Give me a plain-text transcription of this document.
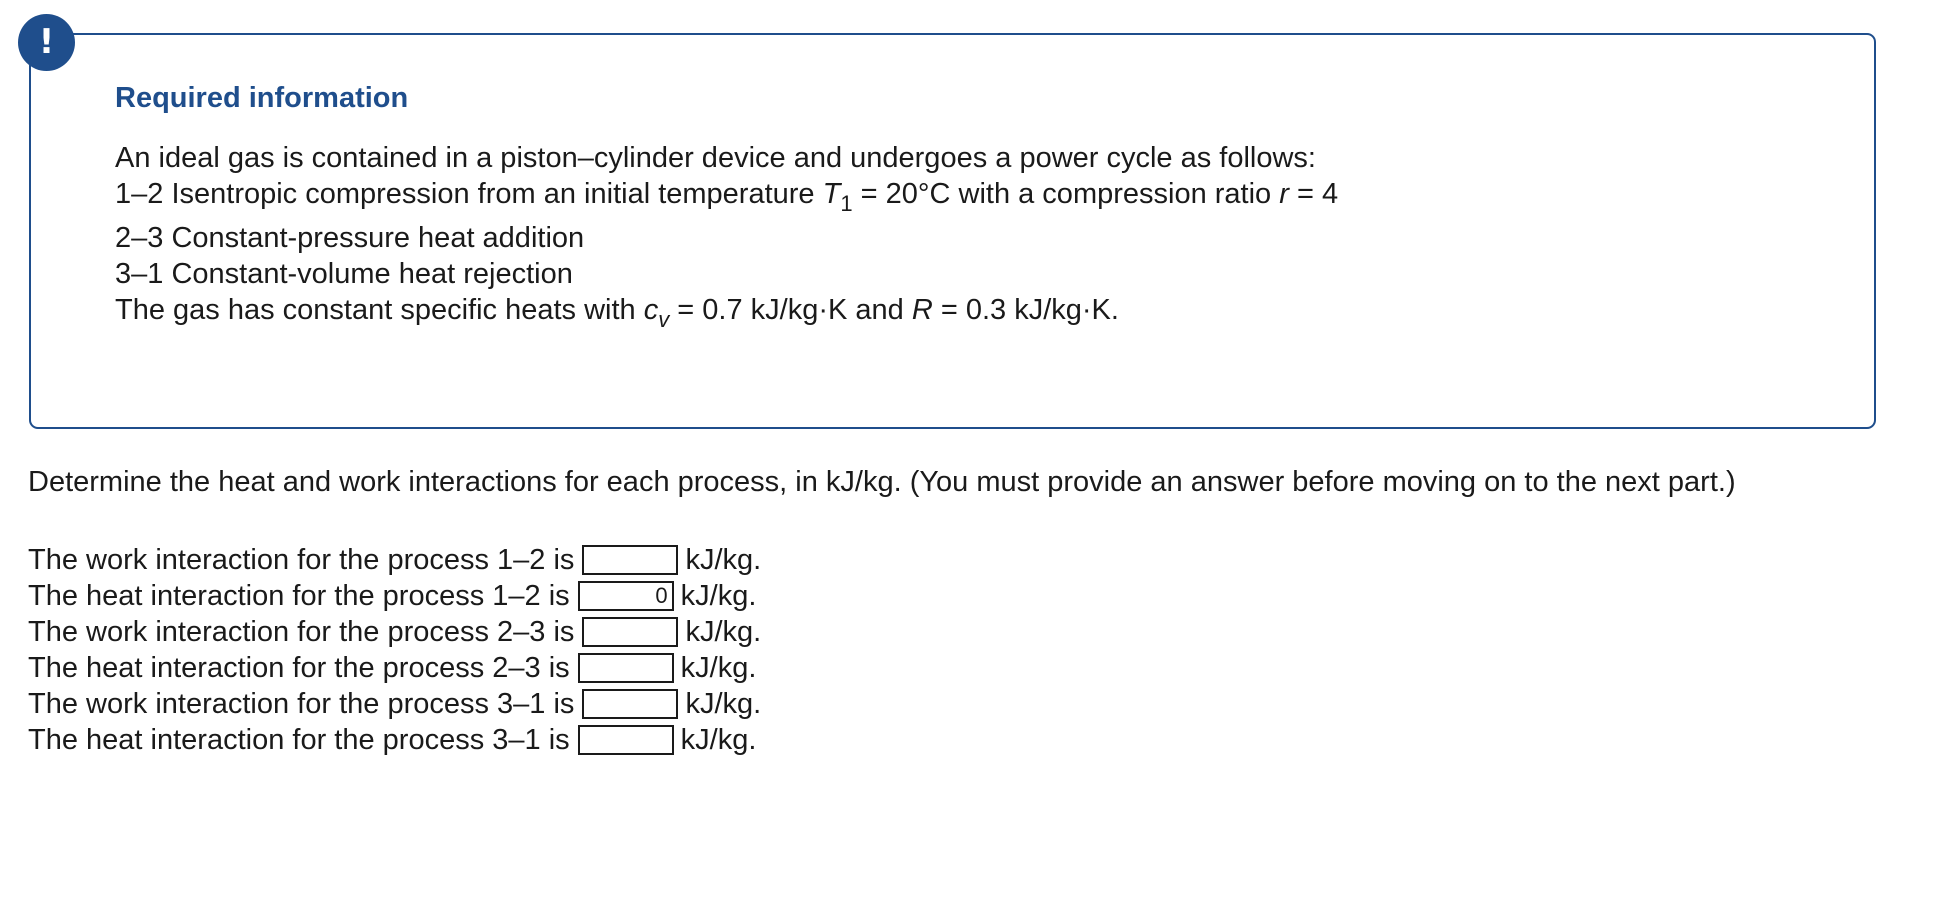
!
Required information
An ideal gas is contained in a piston–cylinder device and undergoes a power cycle as follows:
1–2 Isentropic compression from an initial temperature $T_1 = 20^\circ C$ with a compression ratio r = 4
2–3 Constant-pressure heat addition
3–1 Constant-volume heat rejection
The gas has constant specific heats with $c_v = 0.7$ kJ/kg·K and R = 0.3 kJ/kg·K.
Determine the heat and work interactions for each process, in kJ/kg. (You must provide an answer before moving on to the next part.)
The work interaction for the process 1–2 is	kJ/kg.
The heat interaction for the process 1–2 is
0	kJ/kg.
The work interaction for the process 2–3 is	kJ/kg.
The heat interaction for the process 2–3 is	kJ/kg.
The work interaction for the process 3–1 is	kJ/kg.
The heat interaction for the process 3–1 is	kJ/kg.
